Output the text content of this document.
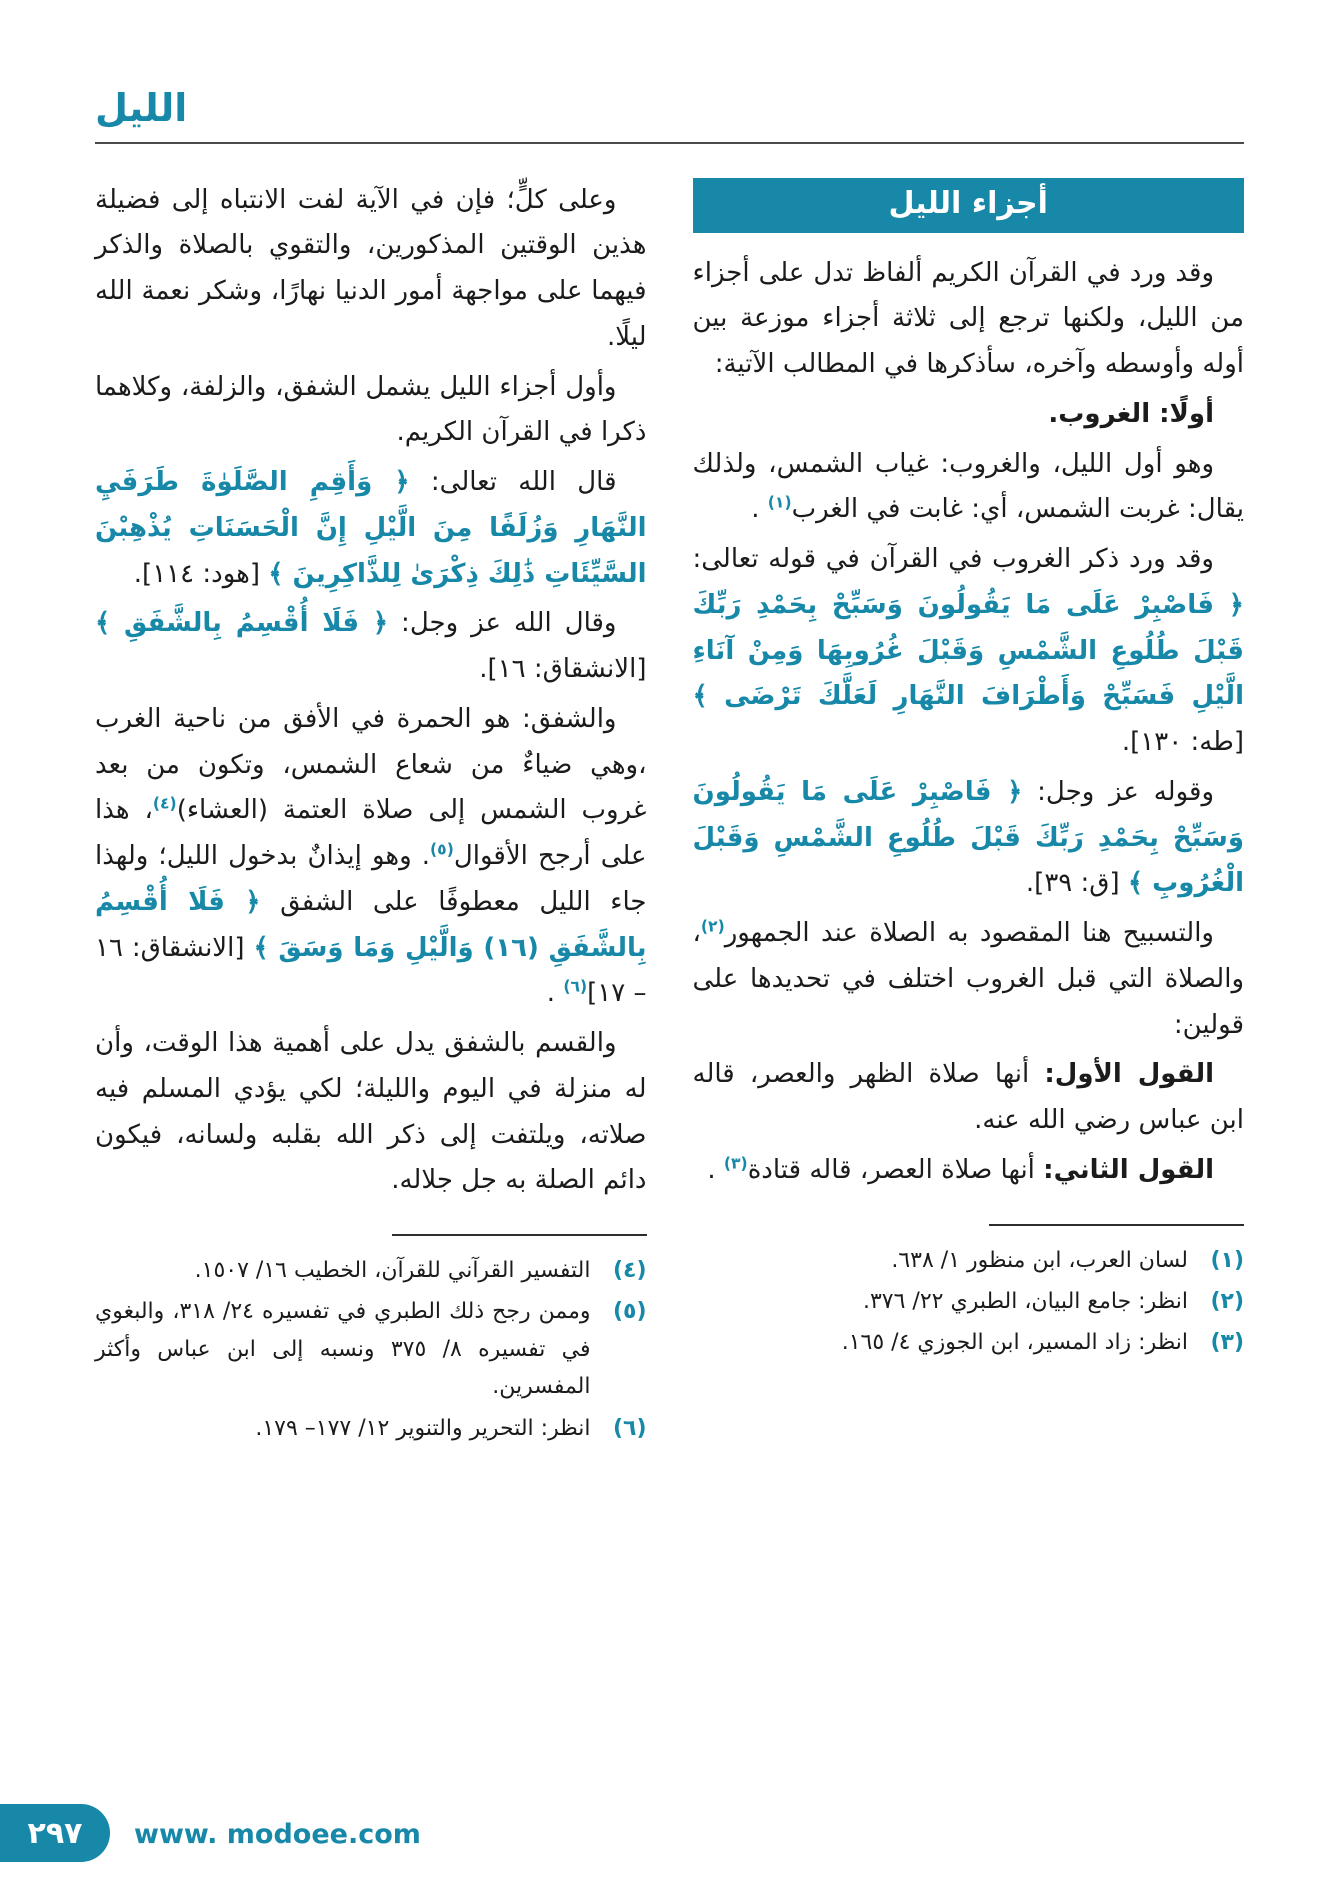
الليل
أجزاء الليل

وقد ورد في القرآن الكريم ألفاظ تدل على أجزاء من الليل، ولكنها ترجع إلى ثلاثة أجزاء موزعة بين أوله وأوسطه وآخره، سأذكرها في المطالب الآتية:

أولًا: الغروب.

وهو أول الليل، والغروب: غياب الشمس، ولذلك يقال: غربت الشمس، أي: غابت في الغرب$^{(١)}$ .

وقد ورد ذكر الغروب في القرآن في قوله تعالى: ﴿ فَاصْبِرْ عَلَى مَا يَقُولُونَ وَسَبِّحْ بِحَمْدِ رَبِّكَ قَبْلَ طُلُوعِ الشَّمْسِ وَقَبْلَ غُرُوبِهَا وَمِنْ آنَاءِ الَّيْلِ فَسَبِّحْ وَأَطْرَافَ النَّهَارِ لَعَلَّكَ تَرْضَى ﴾ [طه: ١٣٠].

وقوله عز وجل: ﴿ فَاصْبِرْ عَلَى مَا يَقُولُونَ وَسَبِّحْ بِحَمْدِ رَبِّكَ قَبْلَ طُلُوعِ الشَّمْسِ وَقَبْلَ الْغُرُوبِ ﴾ [ق: ٣٩].

والتسبيح هنا المقصود به الصلاة عند الجمهور$^{(٢)}$، والصلاة التي قبل الغروب اختلف في تحديدها على قولين:

القول الأول: أنها صلاة الظهر والعصر، قاله ابن عباس رضي الله عنه.

القول الثاني: أنها صلاة العصر، قاله قتادة$^{(٣)}$ .

(١)
لسان العرب، ابن منظور ١/ ٦٣٨.
(٢)
انظر: جامع البيان، الطبري ٢٢/ ٣٧٦.
(٣)
انظر: زاد المسير، ابن الجوزي ٤/ ١٦٥.

وعلى كلٍّ؛ فإن في الآية لفت الانتباه إلى فضيلة هذين الوقتين المذكورين، والتقوي بالصلاة والذكر فيهما على مواجهة أمور الدنيا نهارًا، وشكر نعمة الله ليلًا.

وأول أجزاء الليل يشمل الشفق، والزلفة، وكلاهما ذكرا في القرآن الكريم.

قال الله تعالى: ﴿ وَأَقِمِ الصَّلَوٰةَ طَرَفَيِ النَّهَارِ وَزُلَفًا مِنَ الَّيْلِ إِنَّ الْحَسَنَاتِ يُذْهِبْنَ السَّيِّئَاتِ ذَٰلِكَ ذِكْرَىٰ لِلذَّاكِرِينَ ﴾ [هود: ١١٤].

وقال الله عز وجل: ﴿ فَلَا أُقْسِمُ بِالشَّفَقِ ﴾ [الانشقاق: ١٦].

والشفق: هو الحمرة في الأفق من ناحية الغرب ،وهي ضياءٌ من شعاع الشمس، وتكون من بعد غروب الشمس إلى صلاة العتمة (العشاء)$^{(٤)}$، هذا على أرجح الأقوال$^{(٥)}$. وهو إيذانٌ بدخول الليل؛ ولهذا جاء الليل معطوفًا على الشفق ﴿ فَلَا أُقْسِمُ بِالشَّفَقِ (١٦) وَالَّيْلِ وَمَا وَسَقَ ﴾ [الانشقاق: ١٦ – ١٧]$^{(٦)}$ .

والقسم بالشفق يدل على أهمية هذا الوقت، وأن له منزلة في اليوم والليلة؛ لكي يؤدي المسلم فيه صلاته، ويلتفت إلى ذكر الله بقلبه ولسانه، فيكون دائم الصلة به جل جلاله.

(٤)
التفسير القرآني للقرآن، الخطيب ١٦/ ١٥٠٧.
(٥)
وممن رجح ذلك الطبري في تفسيره ٢٤/ ٣١٨، والبغوي في تفسيره ٨/ ٣٧٥ ونسبه إلى ابن عباس وأكثر المفسرين.
(٦)
انظر: التحرير والتنوير ١٢/ ١٧٧– ١٧٩.
٢٩٧	www. modoee.com
